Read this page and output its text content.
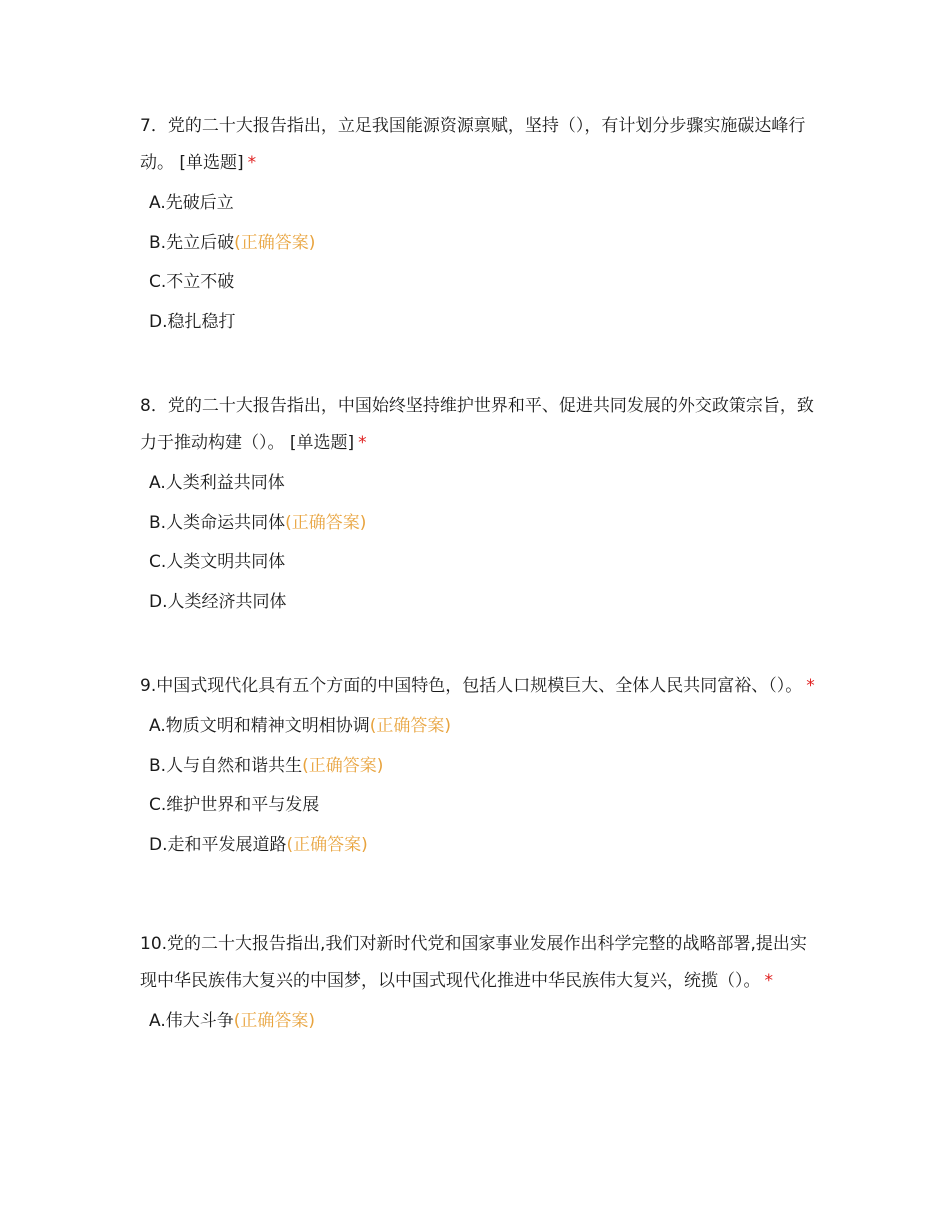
7．党的二十大报告指出，立足我国能源资源禀赋，坚持（），有计划分步骤实施碳达峰行动。 [单选题] *

A.先破后立
B.先立后破(正确答案)
C.不立不破
D.稳扎稳打

8．党的二十大报告指出，中国始终坚持维护世界和平、促进共同发展的外交政策宗旨，致力于推动构建（）。 [单选题] *

A.人类利益共同体
B.人类命运共同体(正确答案)
C.人类文明共同体
D.人类经济共同体

9.中国式现代化具有五个方面的中国特色，包括人口规模巨大、全体人民共同富裕、（）。 *

A.物质文明和精神文明相协调(正确答案)
B.人与自然和谐共生(正确答案)
C.维护世界和平与发展
D.走和平发展道路(正确答案)

10.党的二十大报告指出,我们对新时代党和国家事业发展作出科学完整的战略部署,提出实现中华民族伟大复兴的中国梦，以中国式现代化推进中华民族伟大复兴，统揽（）。 *

A.伟大斗争(正确答案)
